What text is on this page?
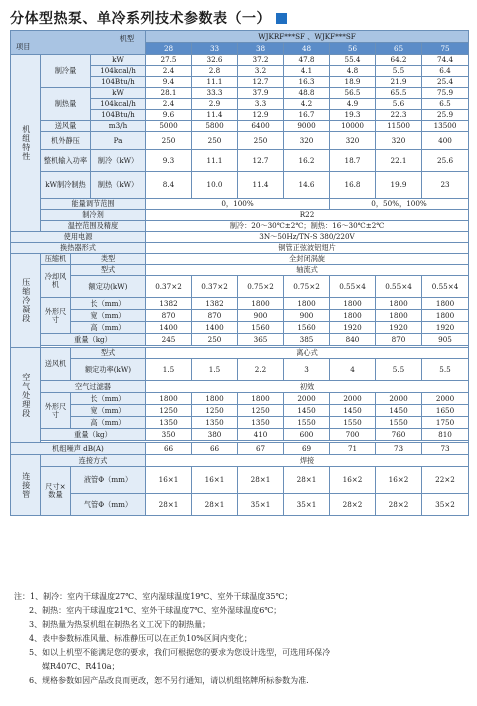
分体型热泵、单冷系列技术参数表（一）
机型
项目				WJKRF***SF 、WJKF***SF						
				28	33	38	48	56	65	75
机组特性	制冷量		kW	27.5	32.6	37.2	47.8	55.4	64.2	74.4
			104kcal/h	2.4	2.8	3.2	4.1	4.8	5.5	6.4
			104Btu/h	9.4	11.1	12.7	16.3	18.9	21.9	25.4
	制热量		kW	28.1	33.3	37.9	48.8	56.5	65.5	75.9
			104kcal/h	2.4	2.9	3.3	4.2	4.9	5.6	6.5
			104Btu/h	9.6	11.4	12.9	16.7	19.3	22.3	25.9
	送风量		m3/h	5000	5800	6400	9000	10000	11500	13500
	机外静压		Pa	250	250	250	320	320	320	400
	整机输入功率		制冷（kW）	9.3	11.1	12.7	16.2	18.7	22.1	25.6
	kW制冷制热		制热（kW）	8.4	10.0	11.4	14.6	16.8	19.9	23
	能量调节范围			0，100%				0，50%，100%		
	制冷剂			R22						
	温控范围及精度			制冷：20～30℃±2℃；制热：16～30℃±2℃						
使用电源				3N～50Hz/TN-S 380/220V						
换热器形式				铜管正弦波铝翅片						
压缩冷凝段	压缩机	类型		全封闭涡旋						
	冷却风机	型式		轴流式						
		额定功(kW)		0.37×2	0.37×2	0.75×2	0.75×2	0.55×4	0.55×4	0.55×4
	外形尺寸	长（mm）		1382	1382	1800	1800	1800	1800	1800
		宽（mm）		870	870	900	900	1800	1800	1800
		高（mm）		1400	1400	1560	1560	1920	1920	1920
	重量（kg）			245	250	365	385	840	870	905

空气处理段	送风机	型式		离心式						
		额定功率(kW)		1.5	1.5	2.2	3	4	5.5	5.5
	空气过滤器			初效						
	外形尺寸	长（mm）		1800	1800	1800	2000	2000	2000	2000
		宽（mm）		1250	1250	1250	1450	1450	1450	1650
		高（mm）		1350	1350	1350	1550	1550	1550	1750
	重量（kg）			350	380	410	600	700	760	810

机组噪声 dB(A)				66	66	67	69	71	73	73
连接管	连接方式			焊接						
	尺寸×数量	液管Φ（mm）		16×1	16×1	28×1	28×1	16×2	16×2	22×2
		气管Φ（mm）		28×1	28×1	35×1	35×1	28×2	28×2	35×2
注：1、制冷：室内干球温度27℃、室内湿球温度19℃、室外干球温度35℃；
2、制热：室内干球温度21℃、室外干球温度7℃、室外湿球温度6℃；
3、制热量为热泵机组在制热名义工况下的制热量；
4、表中参数标准风量、标准静压可以在正负10%区间内变化；
5、如以上机型不能满足您的要求，我们可根据您的要求为您设计选型，可选用环保冷
媒R407C、R410a；
6、规格参数如因产品改良而更改，恕不另行通知，请以机组铭牌所标参数为准.
